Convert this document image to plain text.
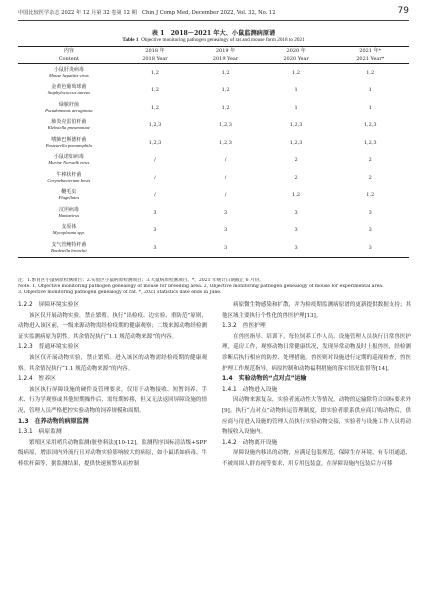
中国比较医学杂志 2022 年 12 月第 32 卷第 12 期　Chin J Comp Med, December 2022, Vol. 32, No. 12	79
表 1　2018～2021 年大、小鼠监测病原谱
Table 1 Objective monitoring pathogen genealogy of rat and mouse form 2018 to 2021
内容	2018 年	2019 年	2020 年	2021 年*
Content	2018 Year	2019 Year	2020 Year	2021 Year*

小鼠肝炎病毒
Mouse hepatitis virus	1,2	1,2	1,2	1,2

金黄色葡萄球菌
Staphylococcus aureus	1,2	1,2	1	1

绿脓杆菌
Pseudomonas aeruginosa	1,2	1,2	1	1

肺炎克雷伯杆菌
Klebsiella pneumoniae	1,2,3	1,2,3	1,2,3	1,2,3

嗜肺巴斯德杆菌
Pasteurella pneumophila	1,2,3	1,2,3	1,2,3	1,2,3

小鼠诺如病毒
Murine Norwalk virus	/	/	2	2

牛棒状杆菌
Corynebacterium bovis	/	/	2	2

鞭毛虫
Flagellates	/	/	1,2	1,2

汉坦病毒
Hantavirus	3	3	3	3

支原体
Mycoplasma spp.	3	3	3	3

支气管鲍特杆菌
Bordetella bronchii	3	3	3	3
注：1.繁育区小鼠病原检测项目；2.实验区小鼠病原检测项目；3.大鼠病原检测项目。*，2021 年统计日期截止 6 月份。
Note. 1, Objective monitoring pathogen genealogy of mouse for breeding area. 2, Objective monitoring pathogen genealogy of mouse for experimental area.
3, Objective monitoring pathogen genealogy of rat. *, 2021 statistics date ends in June.
1.2.2　屏障环境实验区

该区仅开展动物实验，禁止繁殖。执行“出检疫、边实验、重防范”原则，动物进入该区前，一级来源动物需经检疫期的健康观察；二级来源动物经检测证实监测病原为阴性。其余情况执行“1.1 规范动物来源”的内容。

1.2.3　普通环境实验区

该区仅开展动物实验，禁止繁殖。进入该区的动物需经检疫期的健康观察。其余情况执行“1.1 规范动物来源”的内容。

1.2.4　暂养区

该区执行屏障设施的硬件及管理要求，仅用于动物接收、短暂饲养、手术、行为学观察或其他短期操作后，需每期转移，但又无法返回屏障设施的情况，管理人员严格把控实验动物的饲养规模和周期。

1.3　在养动物的病原监测
1.3.1　病原监测

繁殖区采用哨兵动物监测(脏垫料法)[10-12]，监测程序国标清洁级+SPF 级病原，增添国内外流行且对动物实验影响较大的病原，如小鼠诺如病毒、牛棒状杆菌等，据监测结果，提供快速预警从而控制

病原微生物感染和扩散，并为检疫期监测病原谱的更新提供数据支持；其他区域主要执行个性化的兽医护理[13]。

1.3.2　兽医护理

在兽医指导、培训下，每位饲养工作人员、设施管理人员执行日常兽医护理，巡房工作，观察动物日常健康状况，发现异常动物及时上报兽医，经检测诊断后执行相应的防控、处理措施。兽医则对设施进行定期的巡视检查，兽医护理工作规范指导，病原控制和动物福利措施的落实情况监督等[14]。

1.4　实验动物的“点对点”运输
1.4.1　动物进入设施

因动物来源复杂，实验者流动性大等情况，动物的运输除符合国标要求外[9]，执行“点对点”动物转运管理制度，即实验者联系供应商订购动物后，供应商与待进入设施的管理人员执行实验动物交接，实验者与设施工作人员将动物接收入设施内。

1.4.2　动物离开设施

屏障设施内移出的动物，应满足包装规范、保障生存环境、有专用通道、不被周围人群直视等要求，用专用包装盒，在屏障设施内包装后方可移
